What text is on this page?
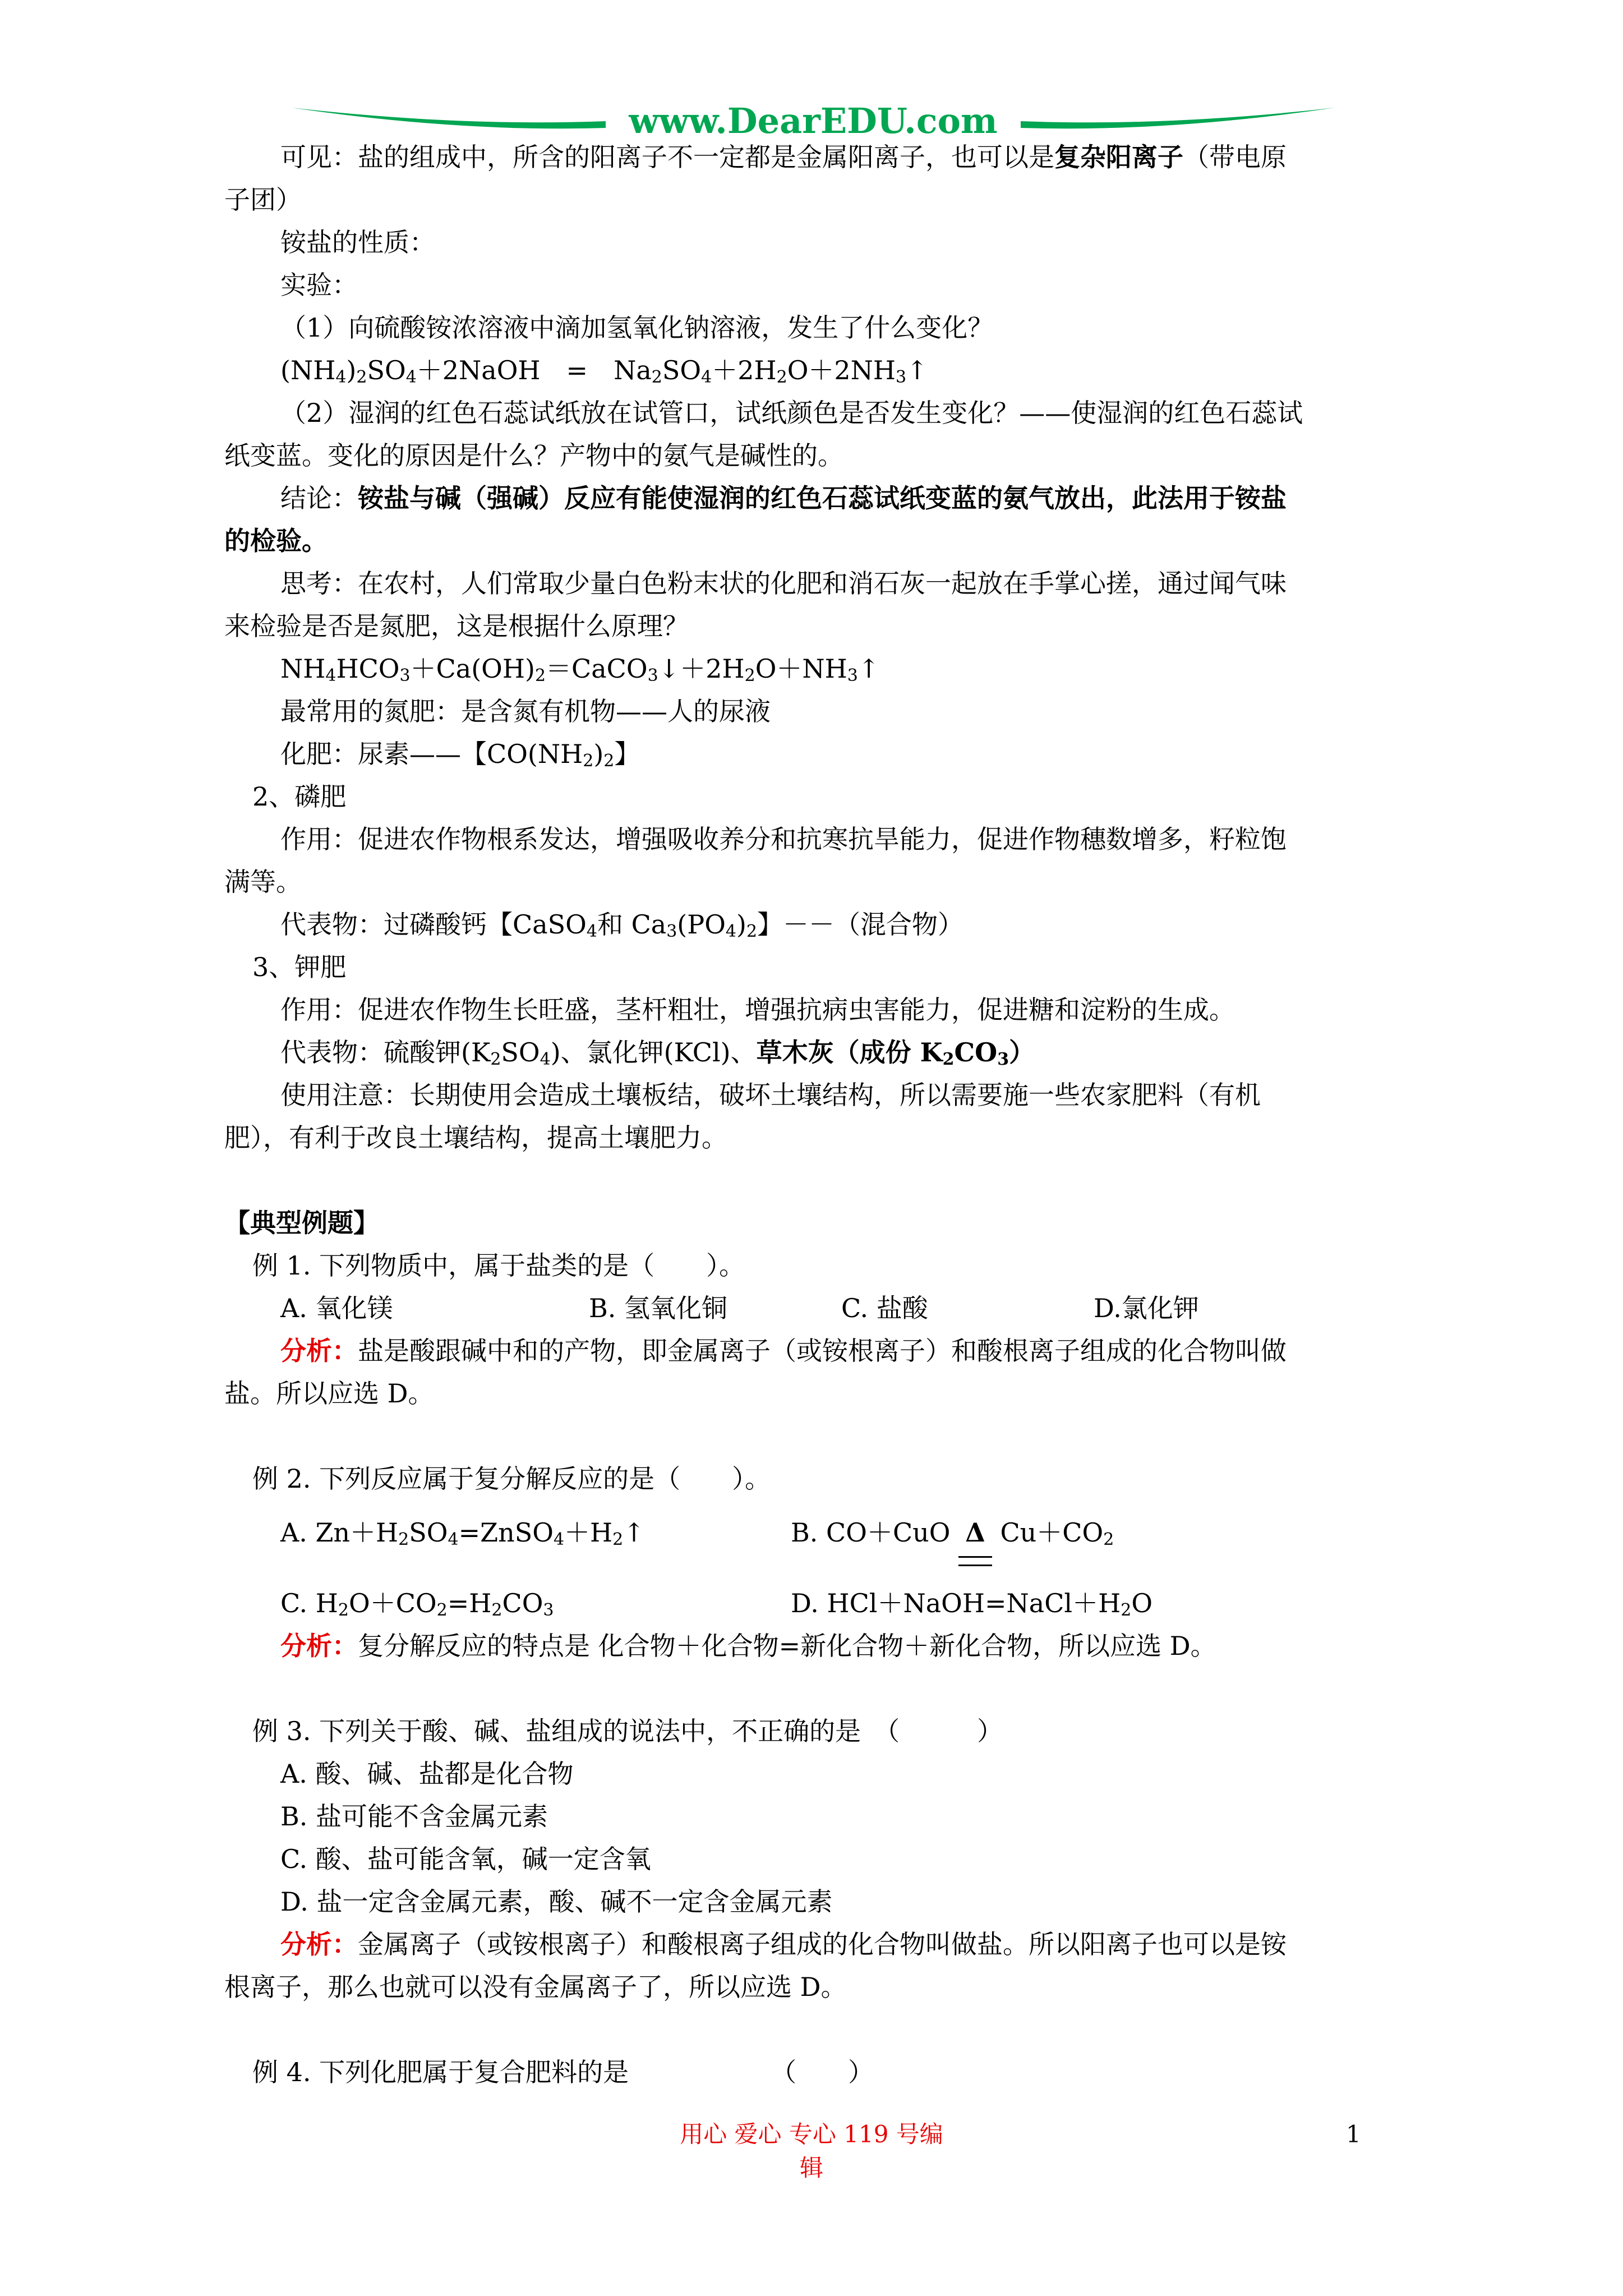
www.DearEDU.com

可见：盐的组成中，所含的阳离子不一定都是金属阳离子，也可以是复杂阳离子（带电原

子团）

铵盐的性质：

实验：

（1）向硫酸铵浓溶液中滴加氢氧化钠溶液，发生了什么变化？

$(NH_4)_2SO_4+2NaOH$　=　$Na_2SO_4+2H_2O+2NH_3↑$

（2）湿润的红色石蕊试纸放在试管口，试纸颜色是否发生变化？——使湿润的红色石蕊试

纸变蓝。变化的原因是什么？产物中的氨气是碱性的。

结论：铵盐与碱（强碱）反应有能使湿润的红色石蕊试纸变蓝的氨气放出，此法用于铵盐

的检验。

思考：在农村，人们常取少量白色粉末状的化肥和消石灰一起放在手掌心搓，通过闻气味

来检验是否是氮肥，这是根据什么原理？

$NH_4HCO_3+Ca(OH)_2=CaCO_3↓+2H_2O+NH_3↑$

最常用的氮肥：是含氮有机物——人的尿液

化肥：尿素——【$CO(NH_2)_2$】

2、磷肥

作用：促进农作物根系发达，增强吸收养分和抗寒抗旱能力，促进作物穗数增多，籽粒饱

满等。

代表物：过磷酸钙【CaSO$_4$和 $Ca_3(PO_4)_2$】－－（混合物）

3、钾肥

作用：促进农作物生长旺盛，茎杆粗壮，增强抗病虫害能力，促进糖和淀粉的生成。

代表物：硫酸钾$(K_2SO_4)$、氯化钾(KCl)、草木灰（成份 $K_2CO_3$）

使用注意：长期使用会造成土壤板结，破坏土壤结构，所以需要施一些农家肥料（有机

肥），有利于改良土壤结构，提高土壤肥力。

【典型例题】

例 1. 下列物质中，属于盐类的是（　　）。

A. 氧化镁	B. 氢氧化铜	C. 盐酸	D.氯化钾

分析：盐是酸跟碱中和的产物，即金属离子（或铵根离子）和酸根离子组成的化合物叫做

盐。所以应选 D。

例 2. 下列反应属于复分解反应的是（　　）。

A. $Zn+H_2SO_4=ZnSO_4+H_2↑$	B. CO＋CuO Δ $Cu+CO_2$
C. $H_2O+CO_2=H_2CO_3$	D. $HCl+NaOH=NaCl+H_2O$

分析：复分解反应的特点是 化合物＋化合物=新化合物＋新化合物，所以应选 D。

例 3. 下列关于酸、碱、盐组成的说法中，不正确的是　（　　　）

A. 酸、碱、盐都是化合物

B. 盐可能不含金属元素

C. 酸、盐可能含氧，碱一定含氧

D. 盐一定含金属元素，酸、碱不一定含金属元素

分析：金属离子（或铵根离子）和酸根离子组成的化合物叫做盐。所以阳离子也可以是铵

根离子，那么也就可以没有金属离子了，所以应选 D。

例 4. 下列化肥属于复合肥料的是　　　　　　（　　）

用心 爱心 专心 119 号编辑
1
